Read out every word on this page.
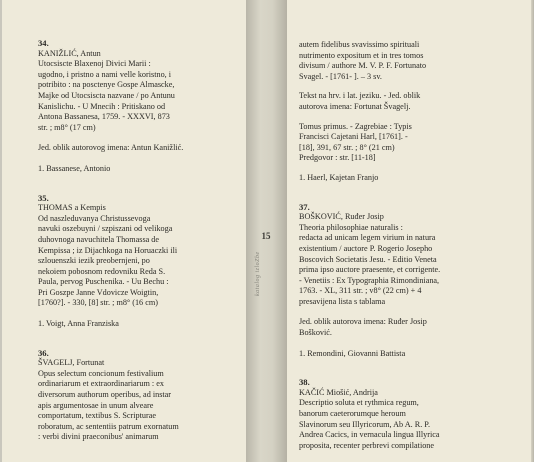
15
katalog izloZbe
34.
KANIŽLIĆ, Antun
Utocsiscte Blaxenoj Divici Marii :
ugodno, i pristno a nami velle koristno, i
potribito : na posctenye Gospe Almascke,
Majke od Utocsiscta nazvane / po Antunu
Kanislichu. - U Mnecih : Pritiskano od
Antona Bassanesa, 1759. - XXXVI, 873
str. ; m8° (17 cm)
Jed. oblik autorovog imena: Antun Kanižlić.
1. Bassanese, Antonio
35.
THOMAS a Kempis
Od naszleduvanya Christussevoga
navuki oszebuyni / szpiszani od velikoga
duhovnoga navuchitela Thomassa de
Kempissa ; iz Dijachkoga na Horuaczki ili
szlouenszki iezik preobernjeni, po
nekoiem pobosnom redovniku Reda S.
Paula, pervog Puschenika. - Uu Bechu :
Pri Goszpe Janne Vdovicze Woigtin,
[1760?]. - 330, [8] str. ; m8° (16 cm)
1. Voigt, Anna Franziska
36.
ŠVAGELJ, Fortunat
Opus selectum concionum festivalium
ordinariarum et extraordinariarum : ex
diversorum authorum operibus, ad instar
apis argumentosae in unum alveare
comportatum, textibus S. Scripturae
roboratum, ac sententiis patrum exornatum
: verbi divini praeconibus' animarum
autem fidelibus svavissimo spirituali
nutrimento expositum et in tres tomos
divisum / authore M. V. P. F. Fortunato
Svagel. - [1761- ]. – 3 sv.
Tekst na hrv. i lat. jeziku. - Jed. oblik
autorova imena: Fortunat Švagelj.
Tomus primus. - Zagrebiae : Typis
Francisci Cajetani Harl, [1761]. -
[18], 391, 67 str. ; 8° (21 cm)
Predgovor : str. [11-18]
1. Haerl, Kajetan Franjo
37.
BOŠKOVIĆ, Ruđer Josip
Theoria philosophiae naturalis :
redacta ad unicam legem virium in natura
existentium / auctore P. Rogerio Josepho
Boscovich Societatis Jesu. - Editio Veneta
prima ipso auctore praesente, et corrigente.
- Venetiis : Ex Typographia Rimondiniana,
1763. - XL, 311 str. ; v8° (22 cm) + 4
presavijena lista s tablama
Jed. oblik autorova imena: Ruđer Josip
Bošković.
1. Remondini, Giovanni Battista
38.
KAČIĆ Miošić, Andrija
Descriptio soluta et rythmica regum,
banorum caeterorumque heroum
Slavinorum seu Illyricorum, Ab A. R. P.
Andrea Cacics, in vernacula lingua Illyrica
proposita, recenter perbrevi compilatione
